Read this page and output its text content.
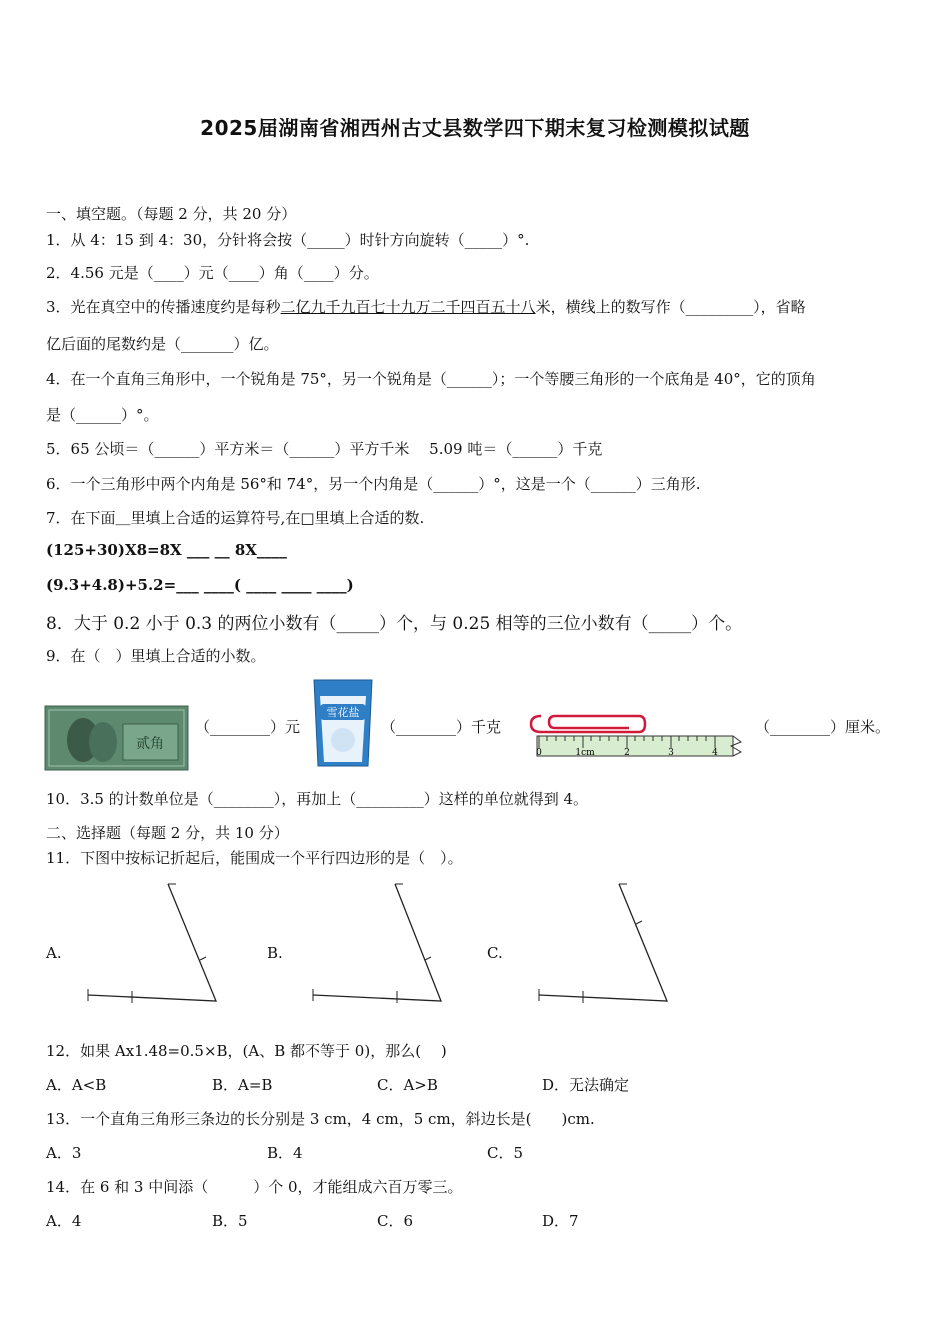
2025届湖南省湘西州古丈县数学四下期末复习检测模拟试题
一、填空题。（每题 2 分，共 20 分）
1．从 4：15 到 4：30，分针将会按（_____）时针方向旋转（_____）°.
2．4.56 元是（____）元（____）角（____）分。
3．光在真空中的传播速度约是每秒二亿九千九百七十九万二千四百五十八米，横线上的数写作（_________），省略
亿后面的尾数约是（_______）亿。
4．在一个直角三角形中，一个锐角是 75°，另一个锐角是（______）；一个等腰三角形的一个底角是 40°，它的顶角
是（______）°。
5．65 公顷＝（______）平方米＝（______）平方千米　 5.09 吨＝（______）千克
6．一个三角形中两个内角是 56°和 74°，另一个内角是（______）°，这是一个（______）三角形.
7．在下面＿里填上合适的运算符号,在□里填上合适的数.
(125+30)X8=8X ___ __ 8X____
(9.3+4.8)+5.2=___ ____( ____ ____ ____)
8．大于 0.2 小于 0.3 的两位小数有（_____）个，与 0.25 相等的三位小数有（_____）个。
9．在（　）里填上合适的小数。
贰角
（________）元
雪花盐
（________）千克
0	1cm	2	3	4
（________）厘米。
10．3.5 的计数单位是（________），再加上（_________）这样的单位就得到 4。
二、选择题（每题 2 分，共 10 分）
11．下图中按标记折起后，能围成一个平行四边形的是（　）。
A.	B.	C.
12．如果 Ax1.48=0.5×B，(A、B 都不等于 0)，那么(　 )
A．A<B	B．A=B	C．A>B	D．无法确定
13．一个直角三角形三条边的长分别是 3 cm，4 cm，5 cm，斜边长是(　　)cm.
A．3	B．4	C．5
14．在 6 和 3 中间添（　　　）个 0，才能组成六百万零三。
A．4	B．5	C．6	D．7
